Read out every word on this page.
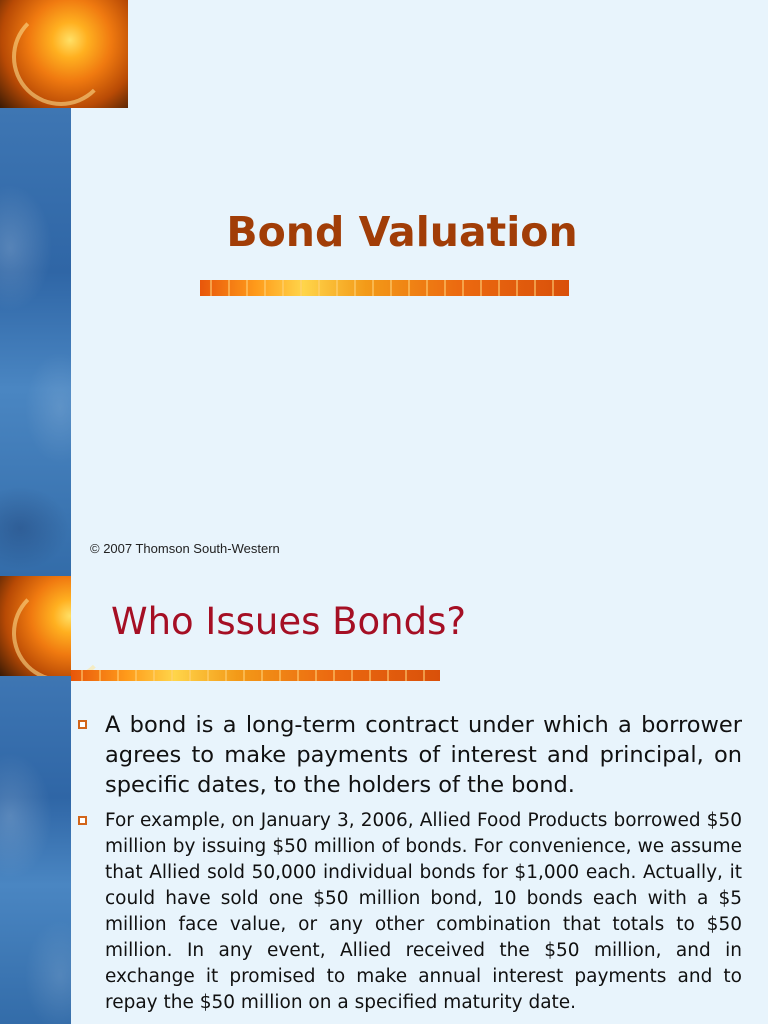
Bond Valuation
© 2007 Thomson South-Western
Who Issues Bonds?
A bond is a long-term contract under which a borrower agrees to make payments of interest and principal, on specific dates, to the holders of the bond.
For example, on January 3, 2006, Allied Food Products borrowed $50 million by issuing $50 million of bonds. For convenience, we assume that Allied sold 50,000 individual bonds for $1,000 each. Actually, it could have sold one $50 million bond, 10 bonds each with a $5 million face value, or any other combination that totals to $50 million. In any event, Allied received the $50 million, and in exchange it promised to make annual interest payments and to repay the $50 million on a specified maturity date.
